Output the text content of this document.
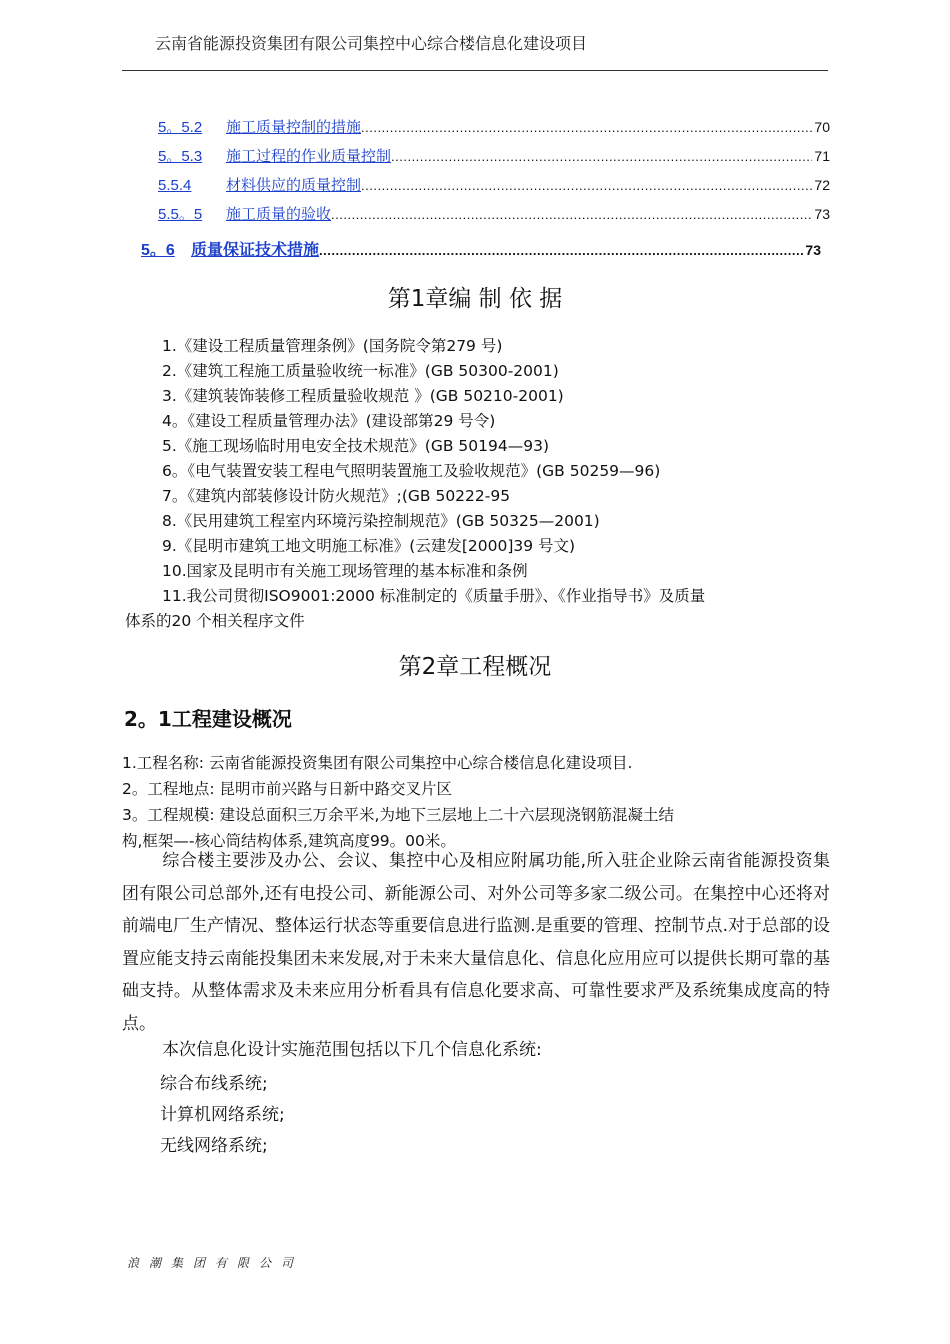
云南省能源投资集团有限公司集控中心综合楼信息化建设项目
5。5.2	施工质量控制的措施 .....	70
5。5.3	施工过程的作业质量控制 .....	71
5.5.4	材料供应的质量控制 .....	72
5.5。5	施工质量的验收 .....	73
5。6	质量保证技术措施 .....	73
第1章编 制 依 据
1.《建设工程质量管理条例》(国务院令第279 号)
2.《建筑工程施工质量验收统一标准》(GB 50300-2001)
3.《建筑装饰装修工程质量验收规范 》(GB 50210-2001)
4。《建设工程质量管理办法》(建设部第29 号令)
5.《施工现场临时用电安全技术规范》(GB 50194—93)
6。《电气装置安装工程电气照明装置施工及验收规范》(GB 50259—96)
7。《建筑内部装修设计防火规范》;(GB 50222-95
8.《民用建筑工程室内环境污染控制规范》(GB 50325—2001)
9.《昆明市建筑工地文明施工标准》(云建发[2000]39 号文)
10.国家及昆明市有关施工现场管理的基本标准和条例
11.我公司贯彻ISO9001:2000 标准制定的《质量手册》、《作业指导书》及质量
体系的20 个相关程序文件
第2章工程概况
2。1工程建设概况
1.工程名称: 云南省能源投资集团有限公司集控中心综合楼信息化建设项目.
2。工程地点: 昆明市前兴路与日新中路交叉片区
3。工程规模: 建设总面积三万余平米,为地下三层地上二十六层现浇钢筋混凝土结
构,框架—-核心筒结构体系,建筑高度99。00米。
综合楼主要涉及办公、会议、集控中心及相应附属功能,所入驻企业除云南省能源投资集团有限公司总部外,还有电投公司、新能源公司、对外公司等多家二级公司。在集控中心还将对前端电厂生产情况、整体运行状态等重要信息进行监测.是重要的管理、控制节点.对于总部的设置应能支持云南能投集团未来发展,对于未来大量信息化、信息化应用应可以提供长期可靠的基础支持。从整体需求及未来应用分析看具有信息化要求高、可靠性要求严及系统集成度高的特点。
本次信息化设计实施范围包括以下几个信息化系统:
综合布线系统;
计算机网络系统;
无线网络系统;
浪潮集团有限公司
